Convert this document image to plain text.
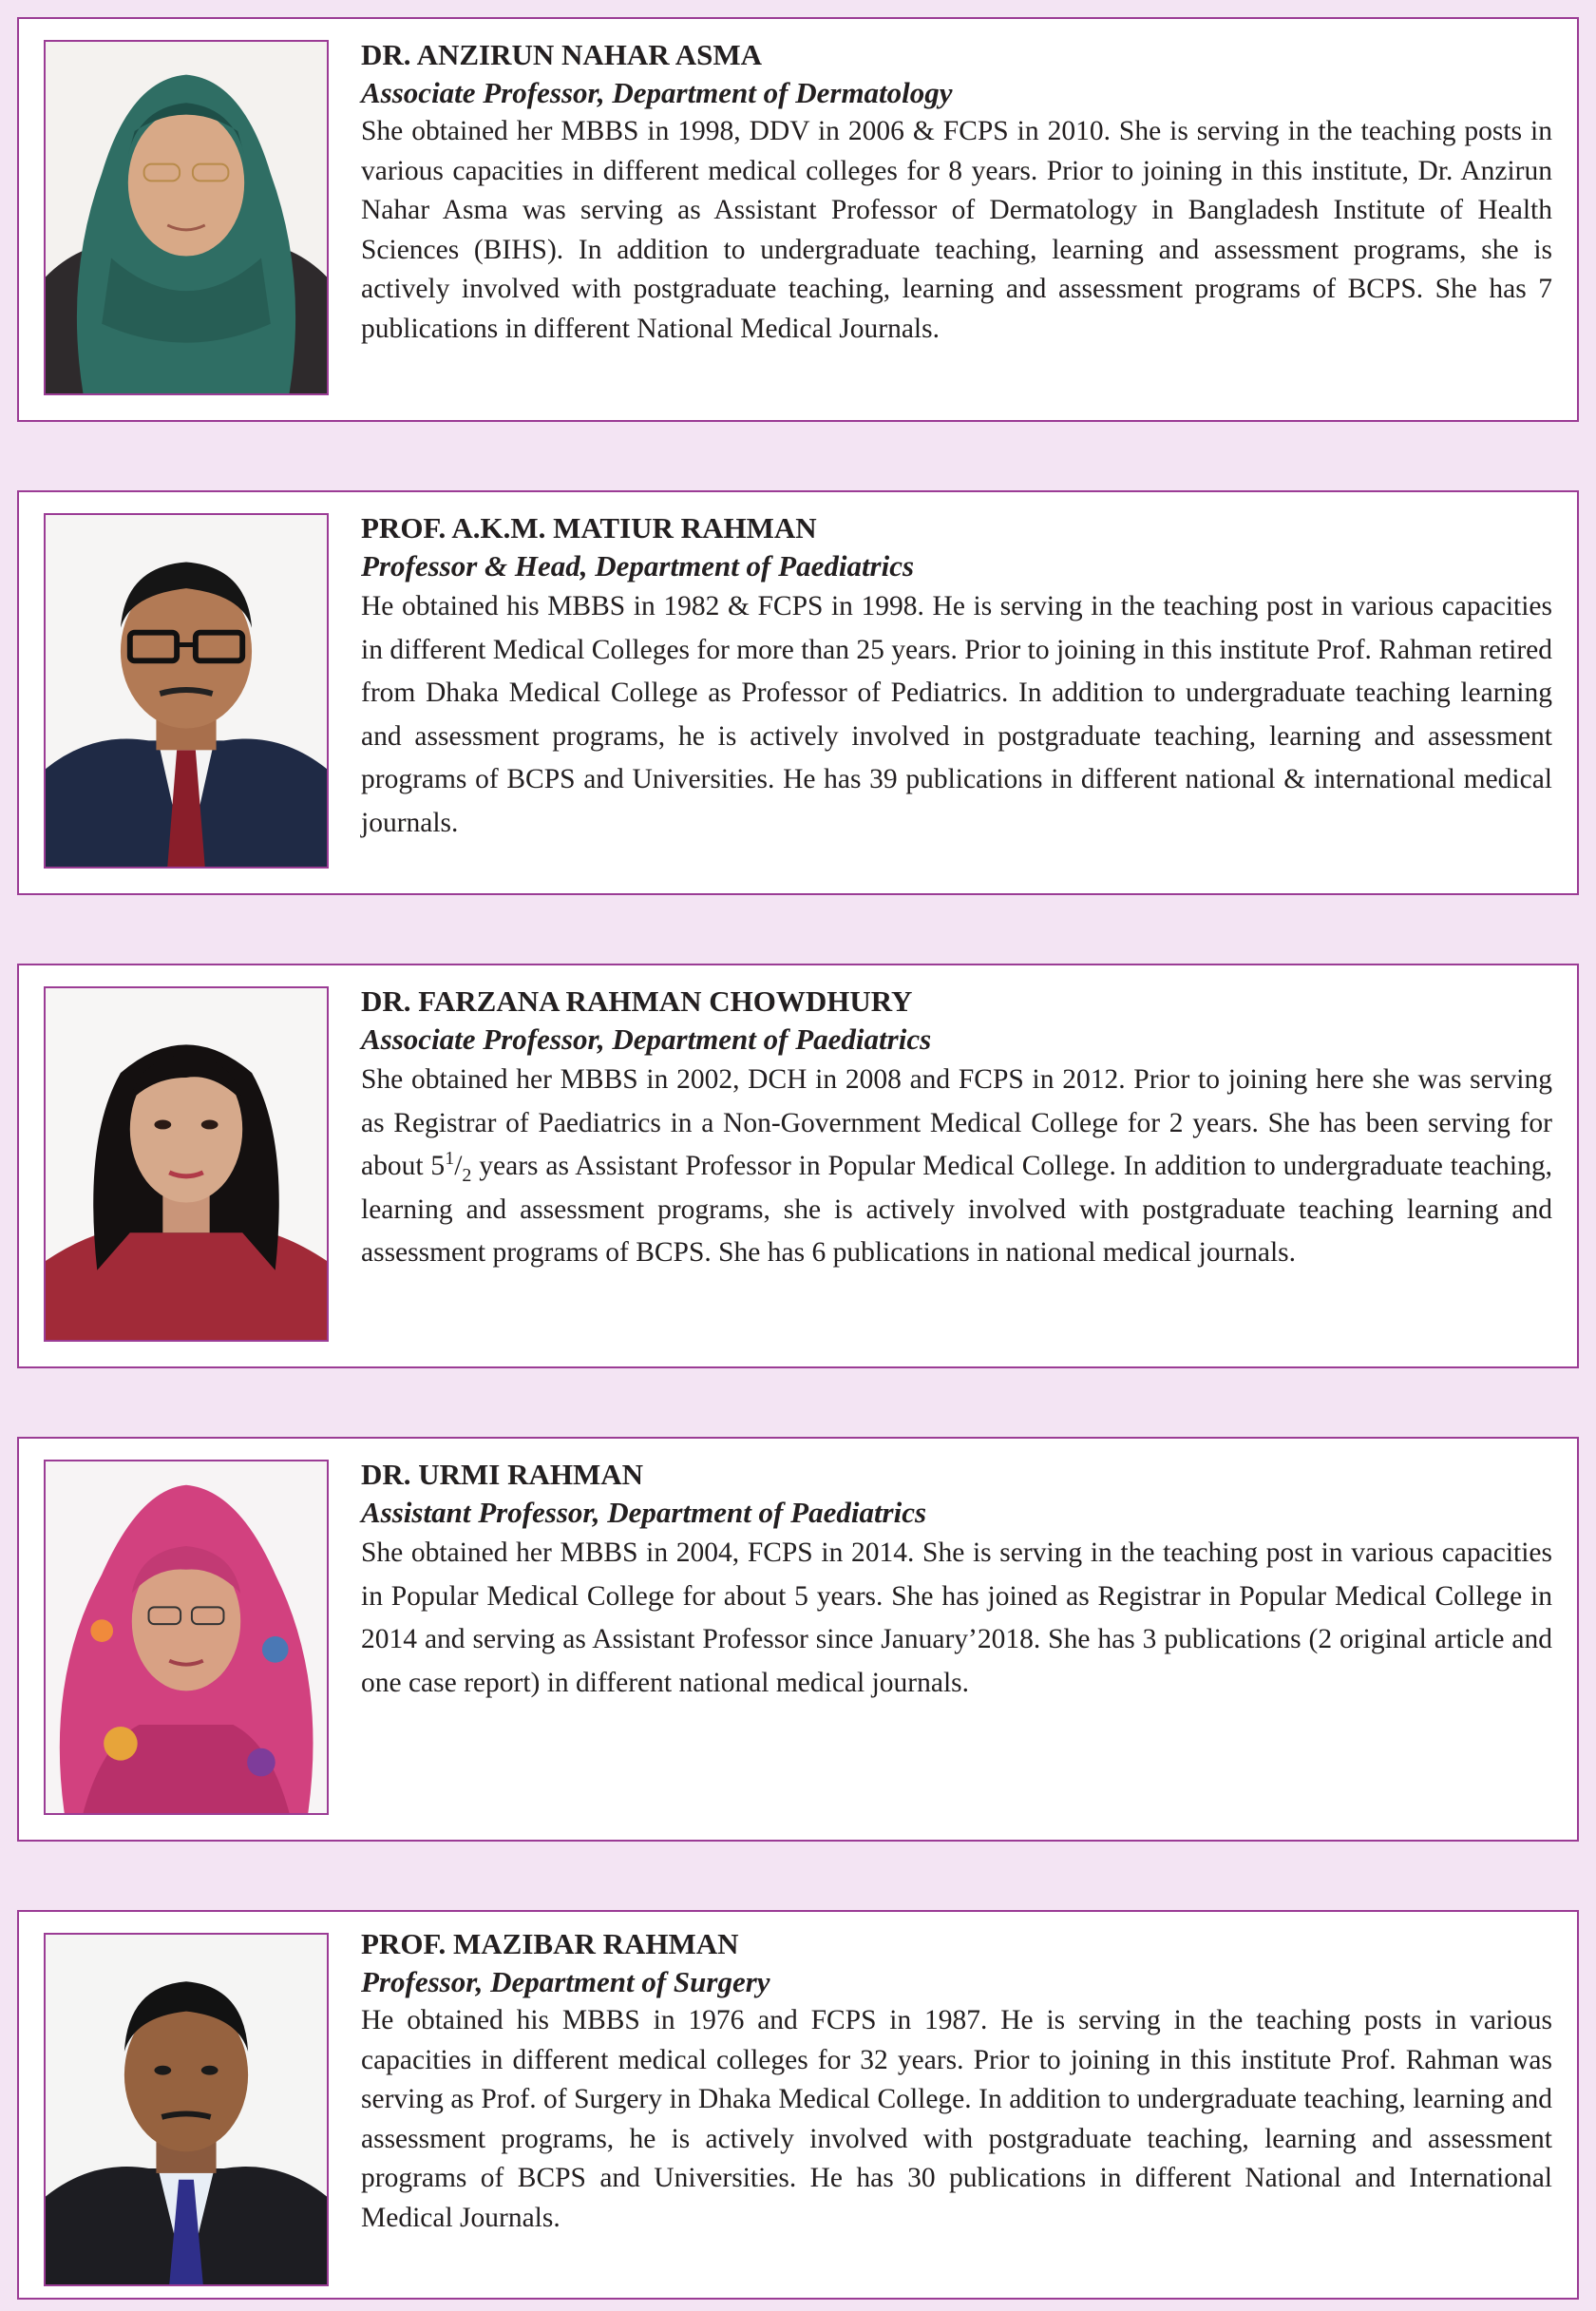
DR. ANZIRUN NAHAR ASMA

Associate Professor, Department of Dermatology

She obtained her MBBS in 1998, DDV in 2006 & FCPS in 2010. She is serving in the teaching posts in various capacities in different medical colleges for 8 years. Prior to joining in this institute, Dr. Anzirun Nahar Asma was serving as Assistant Professor of Dermatology in Bangladesh Institute of Health Sciences (BIHS). In addition to undergraduate teaching, learning and assessment programs, she is actively involved with postgraduate teaching, learning and assessment programs of BCPS. She has 7 publications in different National Medical Journals.

PROF. A.K.M. MATIUR RAHMAN

Professor & Head, Department of Paediatrics

He obtained his MBBS in 1982 & FCPS in 1998. He is serving in the teaching post in various capacities in different Medical Colleges for more than 25 years. Prior to joining in this institute Prof. Rahman retired from Dhaka Medical College as Professor of Pediatrics. In addition to undergraduate teaching learning and assessment programs, he is actively involved in postgraduate teaching, learning and assessment programs of BCPS and Universities. He has 39 publications in different national & international medical journals.

DR. FARZANA RAHMAN CHOWDHURY

Associate Professor, Department of Paediatrics

She obtained her MBBS in 2002, DCH in 2008 and FCPS in 2012. Prior to joining here she was serving as Registrar of Paediatrics in a Non-Government Medical College for 2 years. She has been serving for about $5^1/_2$ years as Assistant Professor in Popular Medical College. In addition to undergraduate teaching, learning and assessment programs, she is actively involved with postgraduate teaching learning and assessment programs of BCPS. She has 6 publications in national medical journals.

DR. URMI RAHMAN

Assistant Professor, Department of Paediatrics

She obtained her MBBS in 2004, FCPS in 2014. She is serving in the teaching post in various capacities in Popular Medical College for about 5 years. She has joined as Registrar in Popular Medical College in 2014 and serving as Assistant Professor since January’2018. She has 3 publications (2 original article and one case report) in different national medical journals.

PROF. MAZIBAR RAHMAN

Professor, Department of Surgery

He obtained his MBBS in 1976 and FCPS in 1987. He is serving in the teaching posts in various capacities in different medical colleges for 32 years. Prior to joining in this institute Prof. Rahman was serving as Prof. of Surgery in Dhaka Medical College. In addition to undergraduate teaching, learning and assessment programs, he is actively involved with postgraduate teaching, learning and assessment programs of BCPS and Universities. He has 30 publications in different National and International Medical Journals.
